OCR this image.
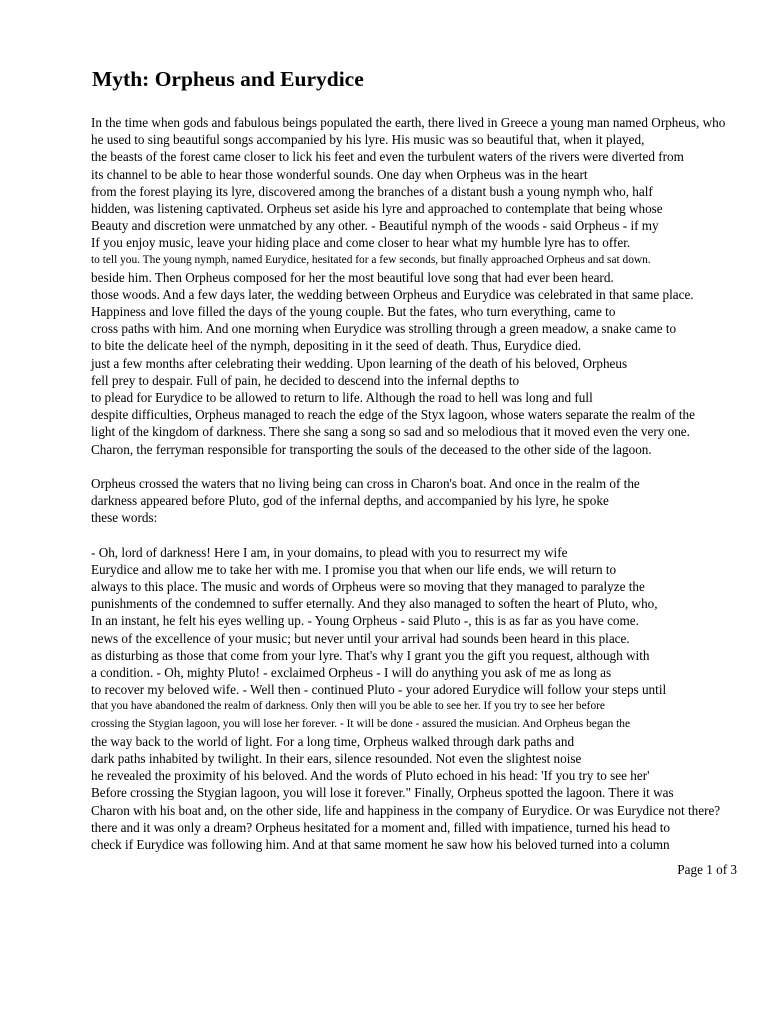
Myth: Orpheus and Eurydice
In the time when gods and fabulous beings populated the earth, there lived in Greece a young man named Orpheus, who
he used to sing beautiful songs accompanied by his lyre. His music was so beautiful that, when it played,
the beasts of the forest came closer to lick his feet and even the turbulent waters of the rivers were diverted from
its channel to be able to hear those wonderful sounds. One day when Orpheus was in the heart
from the forest playing its lyre, discovered among the branches of a distant bush a young nymph who, half
hidden, was listening captivated. Orpheus set aside his lyre and approached to contemplate that being whose
Beauty and discretion were unmatched by any other. - Beautiful nymph of the woods - said Orpheus - if my
If you enjoy music, leave your hiding place and come closer to hear what my humble lyre has to offer.
to tell you. The young nymph, named Eurydice, hesitated for a few seconds, but finally approached Orpheus and sat down.
beside him. Then Orpheus composed for her the most beautiful love song that had ever been heard.
those woods. And a few days later, the wedding between Orpheus and Eurydice was celebrated in that same place.
Happiness and love filled the days of the young couple. But the fates, who turn everything, came to
cross paths with him. And one morning when Eurydice was strolling through a green meadow, a snake came to
to bite the delicate heel of the nymph, depositing in it the seed of death. Thus, Eurydice died.
just a few months after celebrating their wedding. Upon learning of the death of his beloved, Orpheus
fell prey to despair. Full of pain, he decided to descend into the infernal depths to
to plead for Eurydice to be allowed to return to life. Although the road to hell was long and full
despite difficulties, Orpheus managed to reach the edge of the Styx lagoon, whose waters separate the realm of the
light of the kingdom of darkness. There she sang a song so sad and so melodious that it moved even the very one.
Charon, the ferryman responsible for transporting the souls of the deceased to the other side of the lagoon.
Orpheus crossed the waters that no living being can cross in Charon's boat. And once in the realm of the
darkness appeared before Pluto, god of the infernal depths, and accompanied by his lyre, he spoke
these words:
- Oh, lord of darkness! Here I am, in your domains, to plead with you to resurrect my wife
Eurydice and allow me to take her with me. I promise you that when our life ends, we will return to
always to this place. The music and words of Orpheus were so moving that they managed to paralyze the
punishments of the condemned to suffer eternally. And they also managed to soften the heart of Pluto, who,
In an instant, he felt his eyes welling up. - Young Orpheus - said Pluto -, this is as far as you have come.
news of the excellence of your music; but never until your arrival had sounds been heard in this place.
as disturbing as those that come from your lyre. That's why I grant you the gift you request, although with
a condition. - Oh, mighty Pluto! - exclaimed Orpheus - I will do anything you ask of me as long as
to recover my beloved wife. - Well then - continued Pluto - your adored Eurydice will follow your steps until
that you have abandoned the realm of darkness. Only then will you be able to see her. If you try to see her before
crossing the Stygian lagoon, you will lose her forever. - It will be done - assured the musician. And Orpheus began the
the way back to the world of light. For a long time, Orpheus walked through dark paths and
dark paths inhabited by twilight. In their ears, silence resounded. Not even the slightest noise
he revealed the proximity of his beloved. And the words of Pluto echoed in his head: 'If you try to see her'
Before crossing the Stygian lagoon, you will lose it forever." Finally, Orpheus spotted the lagoon. There it was
Charon with his boat and, on the other side, life and happiness in the company of Eurydice. Or was Eurydice not there?
there and it was only a dream? Orpheus hesitated for a moment and, filled with impatience, turned his head to
check if Eurydice was following him. And at that same moment he saw how his beloved turned into a column
Page 1 of 3
